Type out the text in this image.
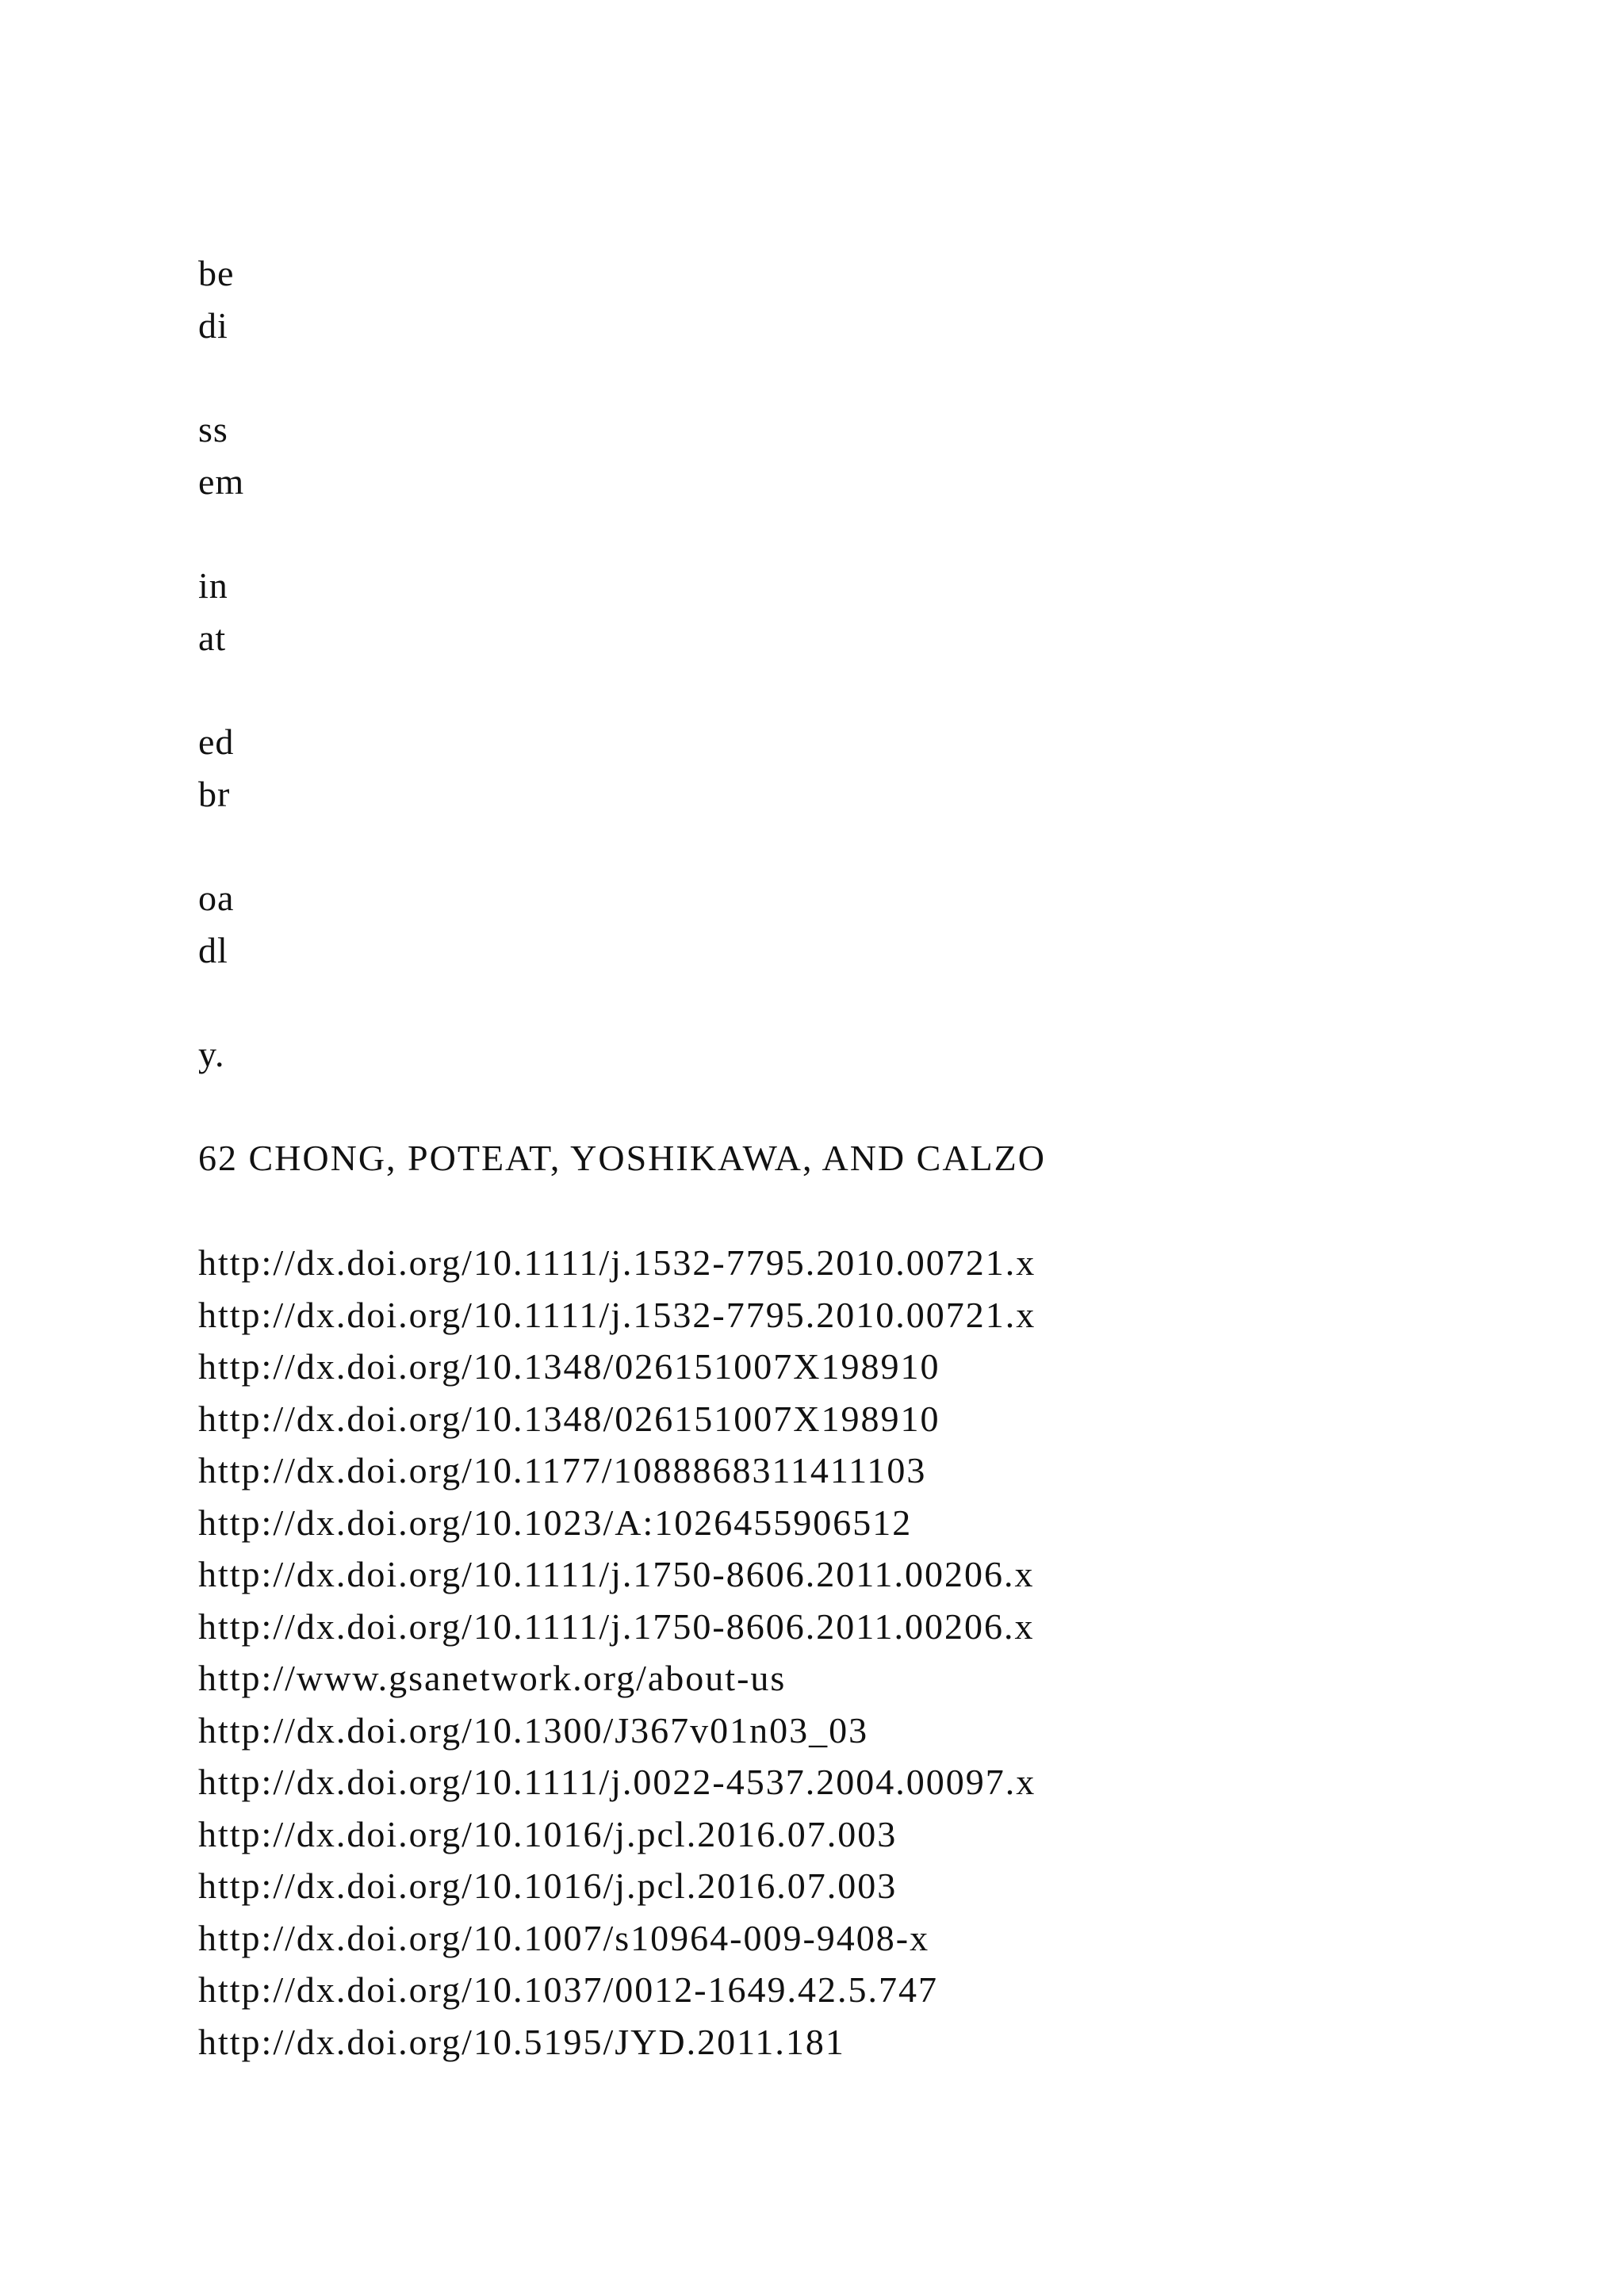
be
di
ss
em
in
at
ed
br
oa
dl
y.
62 CHONG, POTEAT, YOSHIKAWA, AND CALZO
http://dx.doi.org/10.1111/j.1532-7795.2010.00721.x
http://dx.doi.org/10.1111/j.1532-7795.2010.00721.x
http://dx.doi.org/10.1348/026151007X198910
http://dx.doi.org/10.1348/026151007X198910
http://dx.doi.org/10.1177/1088868311411103
http://dx.doi.org/10.1023/A:1026455906512
http://dx.doi.org/10.1111/j.1750-8606.2011.00206.x
http://dx.doi.org/10.1111/j.1750-8606.2011.00206.x
http://www.gsanetwork.org/about-us
http://dx.doi.org/10.1300/J367v01n03_03
http://dx.doi.org/10.1111/j.0022-4537.2004.00097.x
http://dx.doi.org/10.1016/j.pcl.2016.07.003
http://dx.doi.org/10.1016/j.pcl.2016.07.003
http://dx.doi.org/10.1007/s10964-009-9408-x
http://dx.doi.org/10.1037/0012-1649.42.5.747
http://dx.doi.org/10.5195/JYD.2011.181
